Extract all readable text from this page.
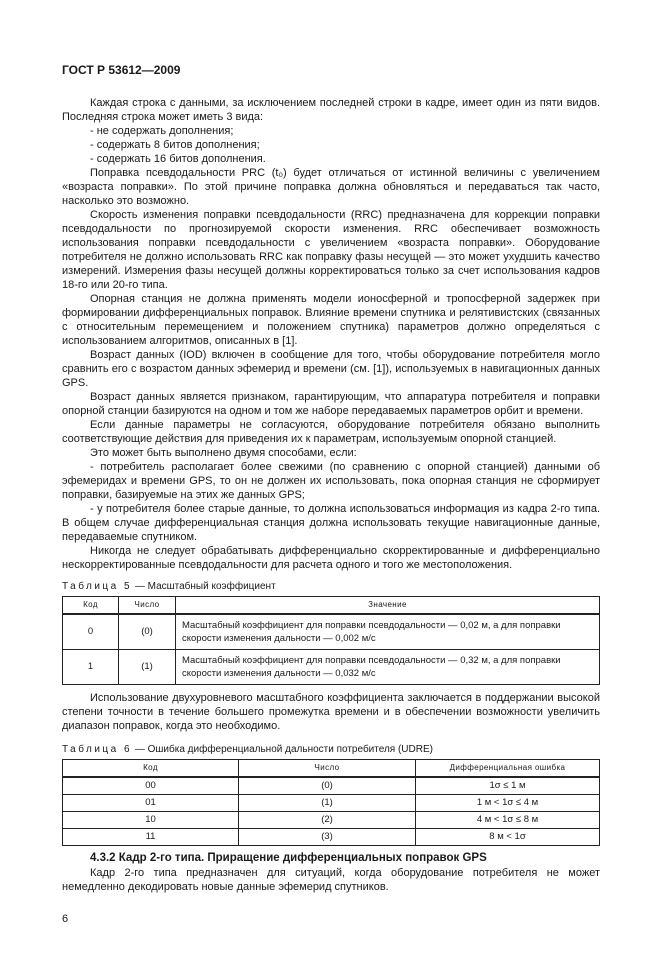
ГОСТ Р 53612—2009

Каждая строка с данными, за исключением последней строки в кадре, имеет один из пяти видов. Последняя строка может иметь 3 вида:

- не содержать дополнения;

- содержать 8 битов дополнения;

- содержать 16 битов дополнения.

Поправка псевдодальности PRC (t₀) будет отличаться от истинной величины с увеличением «возраста поправки». По этой причине поправка должна обновляться и передаваться так часто, насколько это возможно.

Скорость изменения поправки псевдодальности (RRC) предназначена для коррекции поправки псевдодальности по прогнозируемой скорости изменения. RRC обеспечивает возможность использования поправки псевдодальности с увеличением «возраста поправки». Оборудование потребителя не должно использовать RRC как поправку фазы несущей — это может ухудшить качество измерений. Измерения фазы несущей должны корректироваться только за счет использования кадров 18-го или 20-го типа.

Опорная станция не должна применять модели ионосферной и тропосферной задержек при формировании дифференциальных поправок. Влияние времени спутника и релятивистских (связанных с относительным перемещением и положением спутника) параметров должно определяться с использованием алгоритмов, описанных в [1].

Возраст данных (IOD) включен в сообщение для того, чтобы оборудование потребителя могло сравнить его с возрастом данных эфемерид и времени (см. [1]), используемых в навигационных данных GPS.

Возраст данных является признаком, гарантирующим, что аппаратура потребителя и поправки опорной станции базируются на одном и том же наборе передаваемых параметров орбит и времени.

Если данные параметры не согласуются, оборудование потребителя обязано выполнить соответствующие действия для приведения их к параметрам, используемым опорной станцией.

Это может быть выполнено двумя способами, если:

- потребитель располагает более свежими (по сравнению с опорной станцией) данными об эфемеридах и времени GPS, то он не должен их использовать, пока опорная станция не сформирует поправки, базируемые на этих же данных GPS;

- у потребителя более старые данные, то должна использоваться информация из кадра 2-го типа. В общем случае дифференциальная станция должна использовать текущие навигационные данные, передаваемые спутником.

Никогда не следует обрабатывать дифференциально скорректированные и дифференциально нескорректированные псевдодальности для расчета одного и того же местоположения.

Таблица 5 — Масштабный коэффициент
Код	Число	Значение
0	(0)	Масштабный коэффициент для поправки псевдодальности — 0,02 м, а для поправки скорости изменения дальности — 0,002 м/с
1	(1)	Масштабный коэффициент для поправки псевдодальности — 0,32 м, а для поправки скорости изменения дальности — 0,032 м/с

Использование двухуровневого масштабного коэффициента заключается в поддержании высокой степени точности в течение большего промежутка времени и в обеспечении возможности увеличить диапазон поправок, когда это необходимо.

Таблица 6 — Ошибка дифференциальной дальности потребителя (UDRE)
Код	Число	Дифференциальная ошибка
00	(0)	1σ ≤ 1 м
01	(1)	1 м < 1σ ≤ 4 м
10	(2)	4 м < 1σ ≤ 8 м
11	(3)	8 м < 1σ

4.3.2 Кадр 2-го типа. Приращение дифференциальных поправок GPS

Кадр 2-го типа предназначен для ситуаций, когда оборудование потребителя не может немедленно декодировать новые данные эфемерид спутников.

6
